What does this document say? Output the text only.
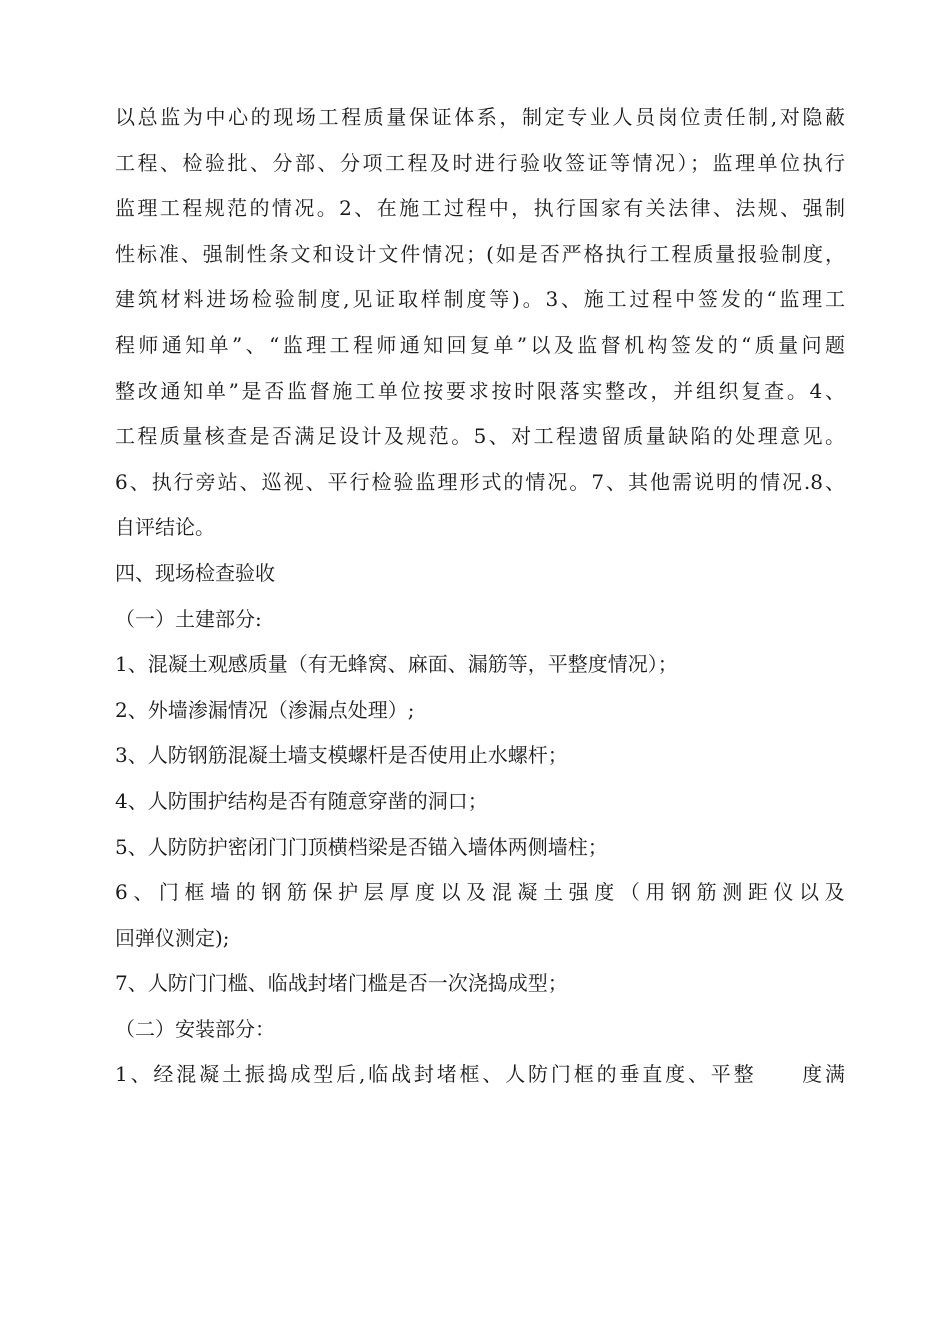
以总监为中心的现场工程质量保证体系，制定专业人员岗位责任制,对隐蔽
工程、检验批、分部、分项工程及时进行验收签证等情况）；监理单位执行
监理工程规范的情况。2、在施工过程中，执行国家有关法律、法规、强制
性标准、强制性条文和设计文件情况；(如是否严格执行工程质量报验制度，
建筑材料进场检验制度,见证取样制度等)。3、施工过程中签发的“监理工
程师通知单”、“监理工程师通知回复单”以及监督机构签发的“质量问题
整改通知单”是否监督施工单位按要求按时限落实整改，并组织复查。4、
工程质量核查是否满足设计及规范。5、对工程遗留质量缺陷的处理意见。
6、执行旁站、巡视、平行检验监理形式的情况。7、其他需说明的情况.8、
自评结论。
四、现场检查验收
（一）土建部分:
1、混凝土观感质量（有无蜂窝、麻面、漏筋等，平整度情况）；
2、外墙渗漏情况（渗漏点处理）;
3、人防钢筋混凝土墙支模螺杆是否使用止水螺杆；
4、人防围护结构是否有随意穿凿的洞口；
5、人防防护密闭门门顶横档梁是否锚入墙体两侧墙柱；
6、门框墙的钢筋保护层厚度以及混凝土强度（用钢筋测距仪以及
回弹仪测定);
7、人防门门槛、临战封堵门槛是否一次浇捣成型；
（二）安装部分：
1、经混凝土振捣成型后,临战封堵框、人防门框的垂直度、平整　　度满
